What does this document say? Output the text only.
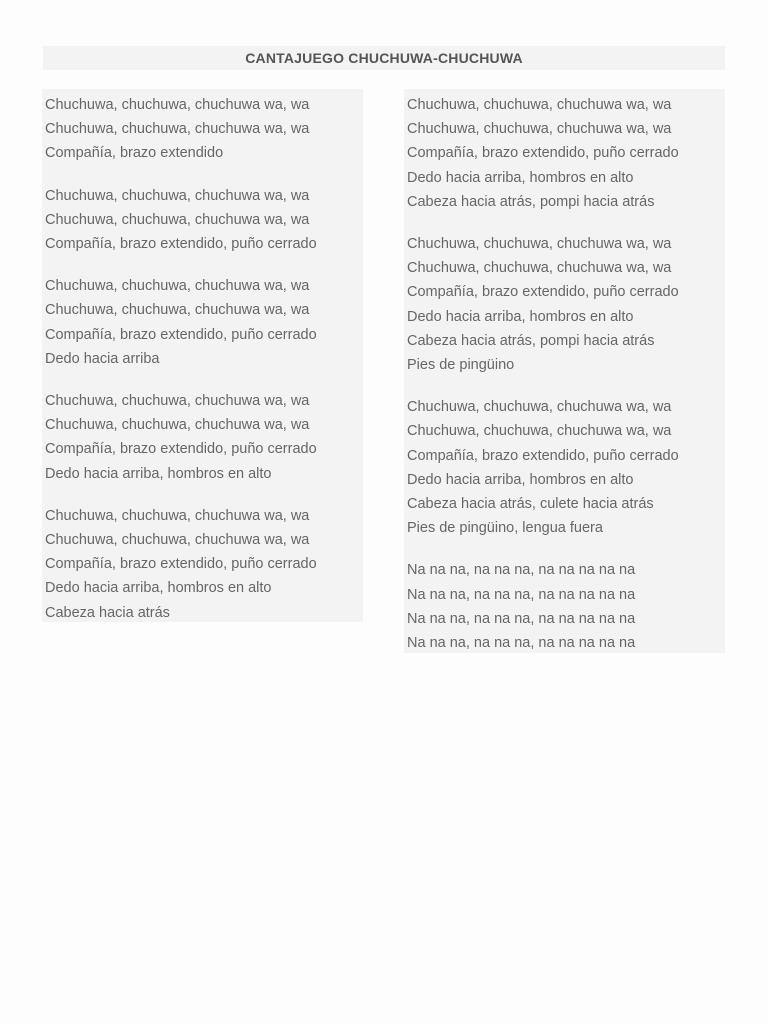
CANTAJUEGO CHUCHUWA-CHUCHUWA
Chuchuwa, chuchuwa, chuchuwa wa, wa
Chuchuwa, chuchuwa, chuchuwa wa, wa
Compañía, brazo extendido
Chuchuwa, chuchuwa, chuchuwa wa, wa
Chuchuwa, chuchuwa, chuchuwa wa, wa
Compañía, brazo extendido, puño cerrado
Chuchuwa, chuchuwa, chuchuwa wa, wa
Chuchuwa, chuchuwa, chuchuwa wa, wa
Compañía, brazo extendido, puño cerrado
Dedo hacia arriba
Chuchuwa, chuchuwa, chuchuwa wa, wa
Chuchuwa, chuchuwa, chuchuwa wa, wa
Compañía, brazo extendido, puño cerrado
Dedo hacia arriba, hombros en alto
Chuchuwa, chuchuwa, chuchuwa wa, wa
Chuchuwa, chuchuwa, chuchuwa wa, wa
Compañía, brazo extendido, puño cerrado
Dedo hacia arriba, hombros en alto
Cabeza hacia atrás
Chuchuwa, chuchuwa, chuchuwa wa, wa
Chuchuwa, chuchuwa, chuchuwa wa, wa
Compañía, brazo extendido, puño cerrado
Dedo hacia arriba, hombros en alto
Cabeza hacia atrás, pompi hacia atrás
Chuchuwa, chuchuwa, chuchuwa wa, wa
Chuchuwa, chuchuwa, chuchuwa wa, wa
Compañía, brazo extendido, puño cerrado
Dedo hacia arriba, hombros en alto
Cabeza hacia atrás, pompi hacia atrás
Pies de pingüino
Chuchuwa, chuchuwa, chuchuwa wa, wa
Chuchuwa, chuchuwa, chuchuwa wa, wa
Compañía, brazo extendido, puño cerrado
Dedo hacia arriba, hombros en alto
Cabeza hacia atrás, culete hacia atrás
Pies de pingüino, lengua fuera
Na na na, na na na, na na na na na
Na na na, na na na, na na na na na
Na na na, na na na, na na na na na
Na na na, na na na, na na na na na
